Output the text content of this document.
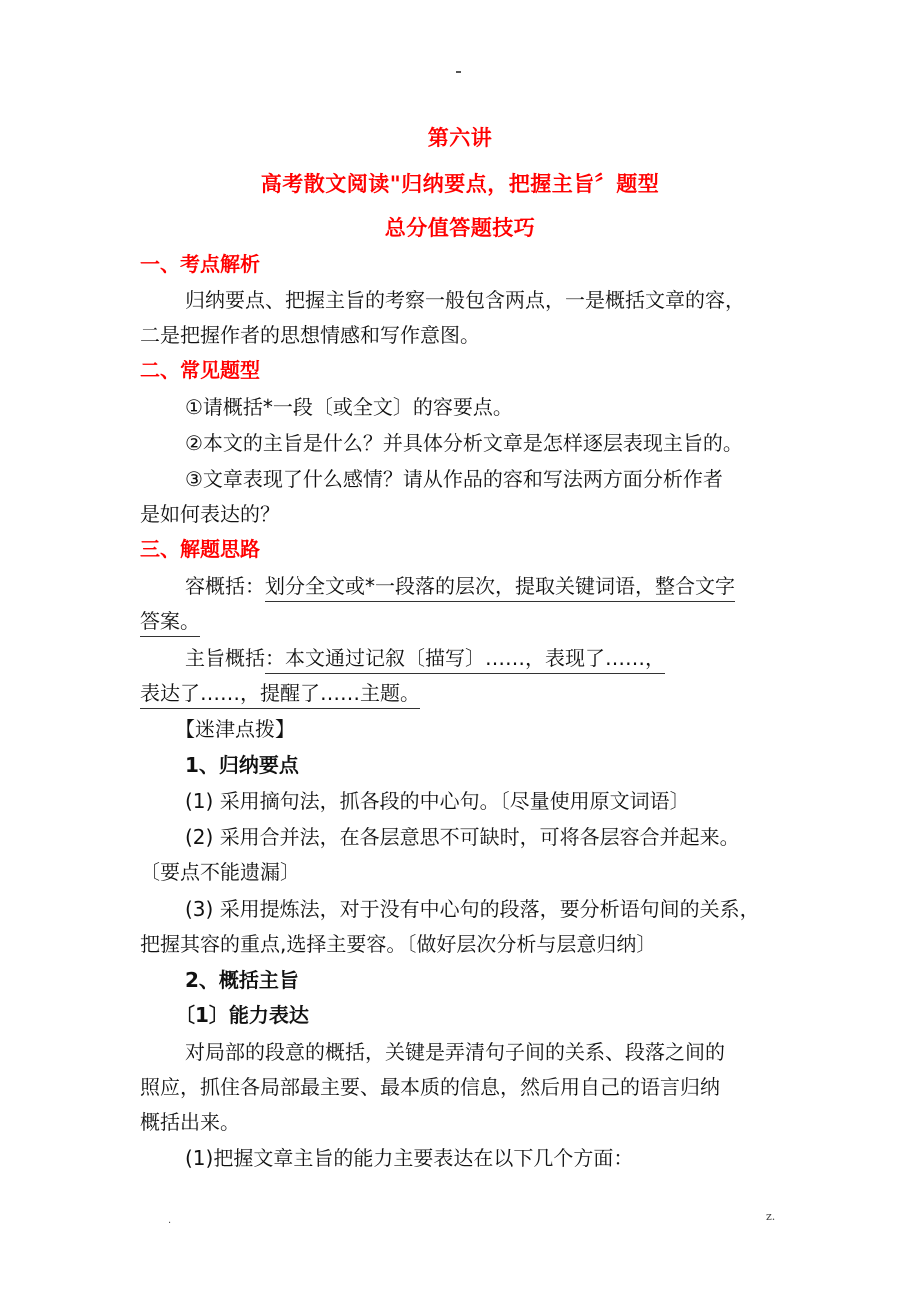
第六讲
高考散文阅读"归纳要点，把握主旨〞题型
总分值答题技巧
一、考点解析
归纳要点、把握主旨的考察一般包含两点，一是概括文章的容，
二是把握作者的思想情感和写作意图。
二、常见题型
①请概括*一段〔或全文〕的容要点。
②本文的主旨是什么？并具体分析文章是怎样逐层表现主旨的。
③文章表现了什么感情？请从作品的容和写法两方面分析作者
是如何表达的？
三、解题思路
容概括：划分全文或*一段落的层次，提取关键词语，整合文字
答案。
主旨概括：本文通过记叙〔描写〕……，表现了……，
表达了……，提醒了……主题。
【迷津点拨】
1、归纳要点
(1) 采用摘句法，抓各段的中心句。〔尽量使用原文词语〕
(2) 采用合并法，在各层意思不可缺时，可将各层容合并起来。
〔要点不能遗漏〕
(3) 采用提炼法，对于没有中心句的段落，要分析语句间的关系，
把握其容的重点,选择主要容。〔做好层次分析与层意归纳〕
2、概括主旨
〔1〕能力表达
对局部的段意的概括，关键是弄清句子间的关系、段落之间的
照应，抓住各局部最主要、最本质的信息，然后用自己的语言归纳
概括出来。
(1)把握文章主旨的能力主要表达在以下几个方面：
.	z.
